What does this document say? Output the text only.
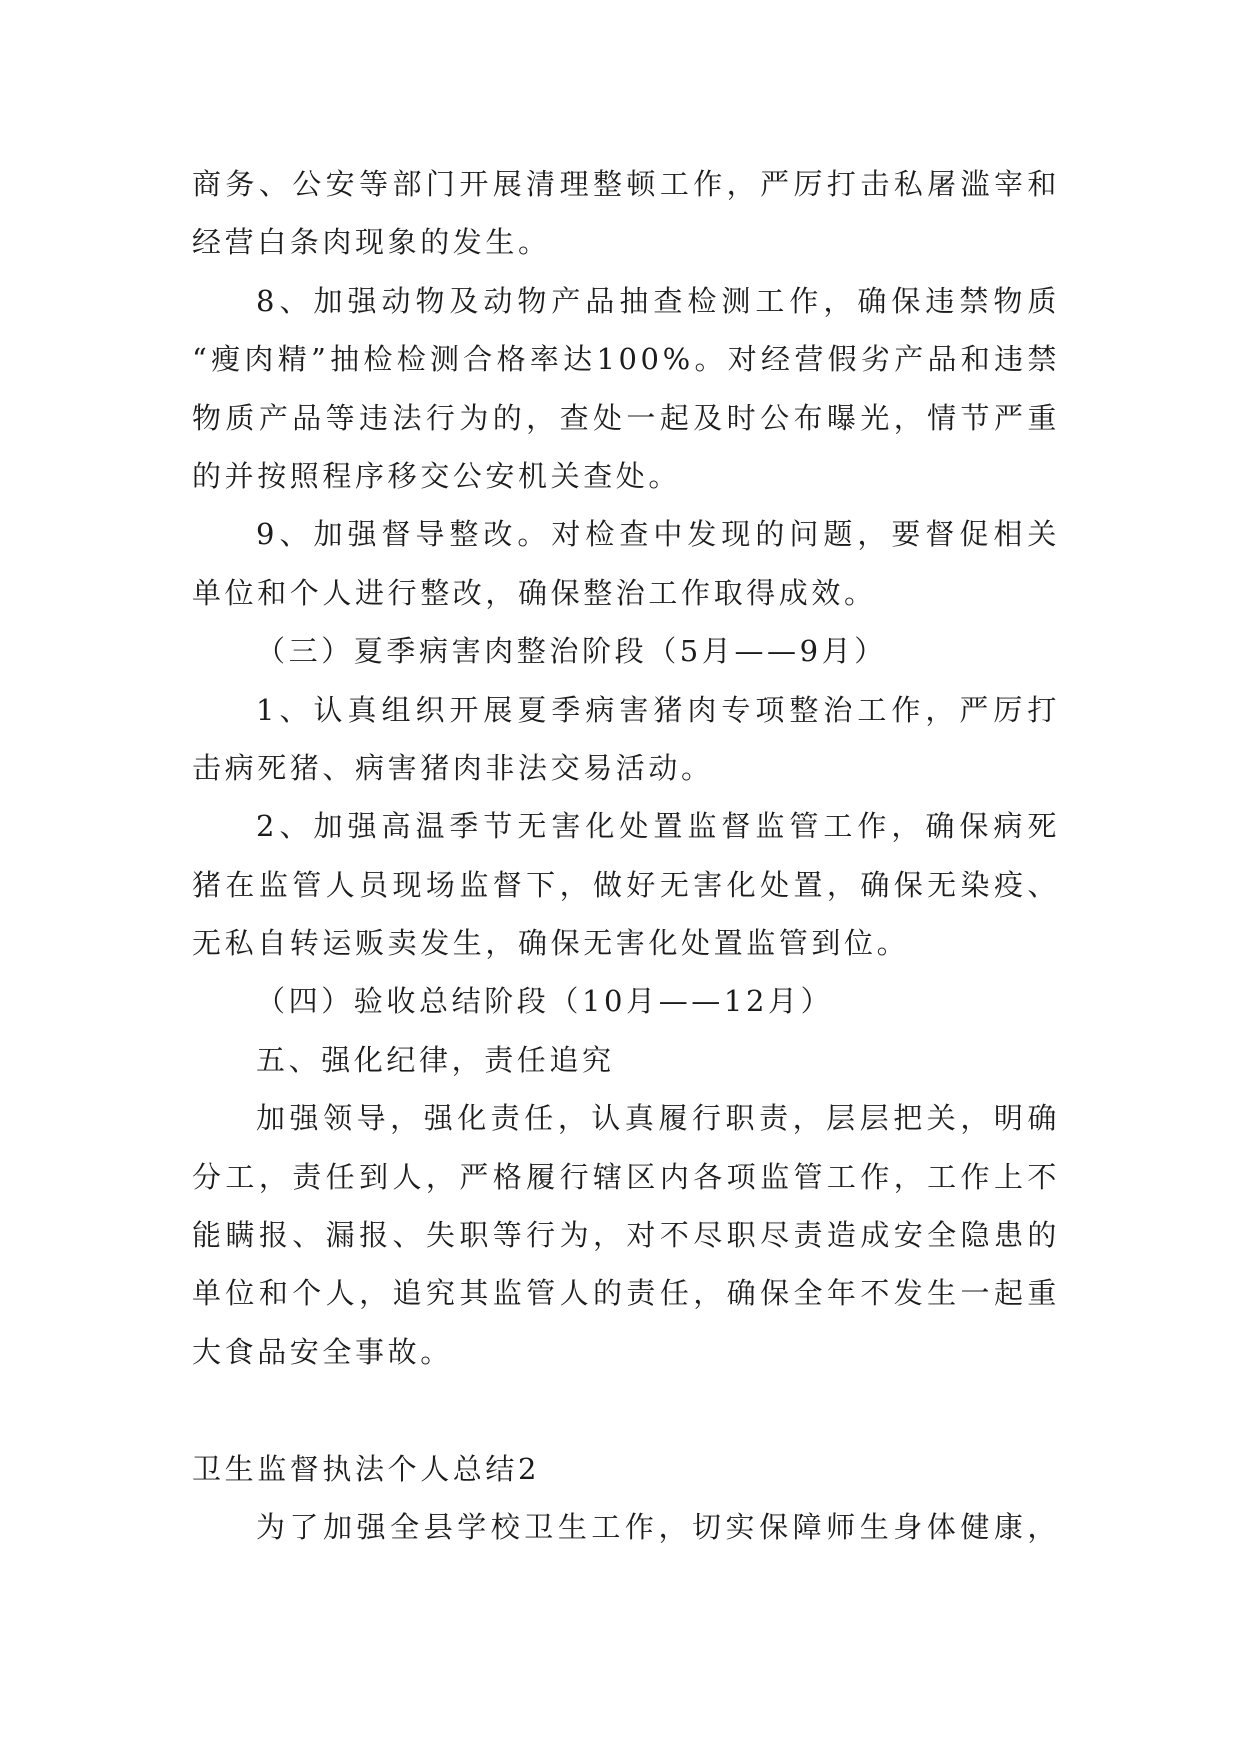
商务、公安等部门开展清理整顿工作，严厉打击私屠滥宰和
经营白条肉现象的发生。
8、加强动物及动物产品抽查检测工作，确保违禁物质
“瘦肉精”抽检检测合格率达100%。对经营假劣产品和违禁
物质产品等违法行为的，查处一起及时公布曝光，情节严重
的并按照程序移交公安机关查处。
9、加强督导整改。对检查中发现的问题，要督促相关
单位和个人进行整改，确保整治工作取得成效。
（三）夏季病害肉整治阶段（5月——9月）
1、认真组织开展夏季病害猪肉专项整治工作，严厉打
击病死猪、病害猪肉非法交易活动。
2、加强高温季节无害化处置监督监管工作，确保病死
猪在监管人员现场监督下，做好无害化处置，确保无染疫、
无私自转运贩卖发生，确保无害化处置监管到位。
（四）验收总结阶段（10月——12月）
五、强化纪律，责任追究
加强领导，强化责任，认真履行职责，层层把关，明确
分工，责任到人，严格履行辖区内各项监管工作，工作上不
能瞒报、漏报、失职等行为，对不尽职尽责造成安全隐患的
单位和个人，追究其监管人的责任，确保全年不发生一起重
大食品安全事故。
卫生监督执法个人总结2
为了加强全县学校卫生工作，切实保障师生身体健康，
